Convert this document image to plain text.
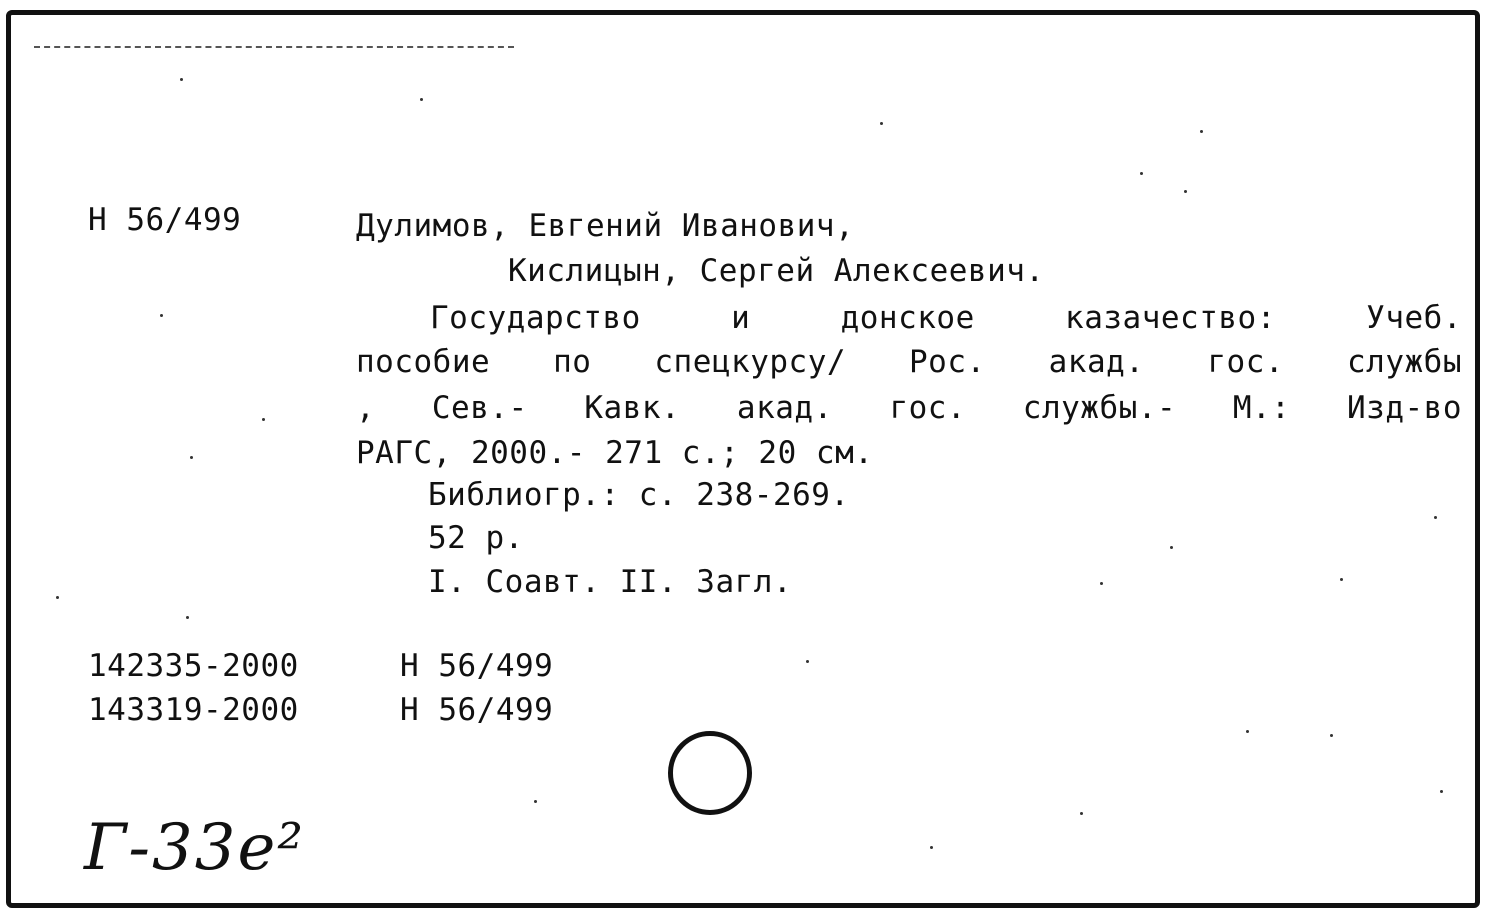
Н 56/499	Дулимов, Евгений Иванович,
Кислицын, Сергей Алексеевич.
Государство и донское казачество: Учеб.
пособие по спецкурсу/ Рос. акад. гос. службы
, Сев.- Кавк. акад. гос. службы.- М.: Изд-во
РАГС, 2000.- 271 с.; 20 см.
Библиогр.: с. 238-269.
52 р.
I. Соавт. II. Загл.
142335-2000	Н 56/499
143319-2000	Н 56/499
Г-33е²
